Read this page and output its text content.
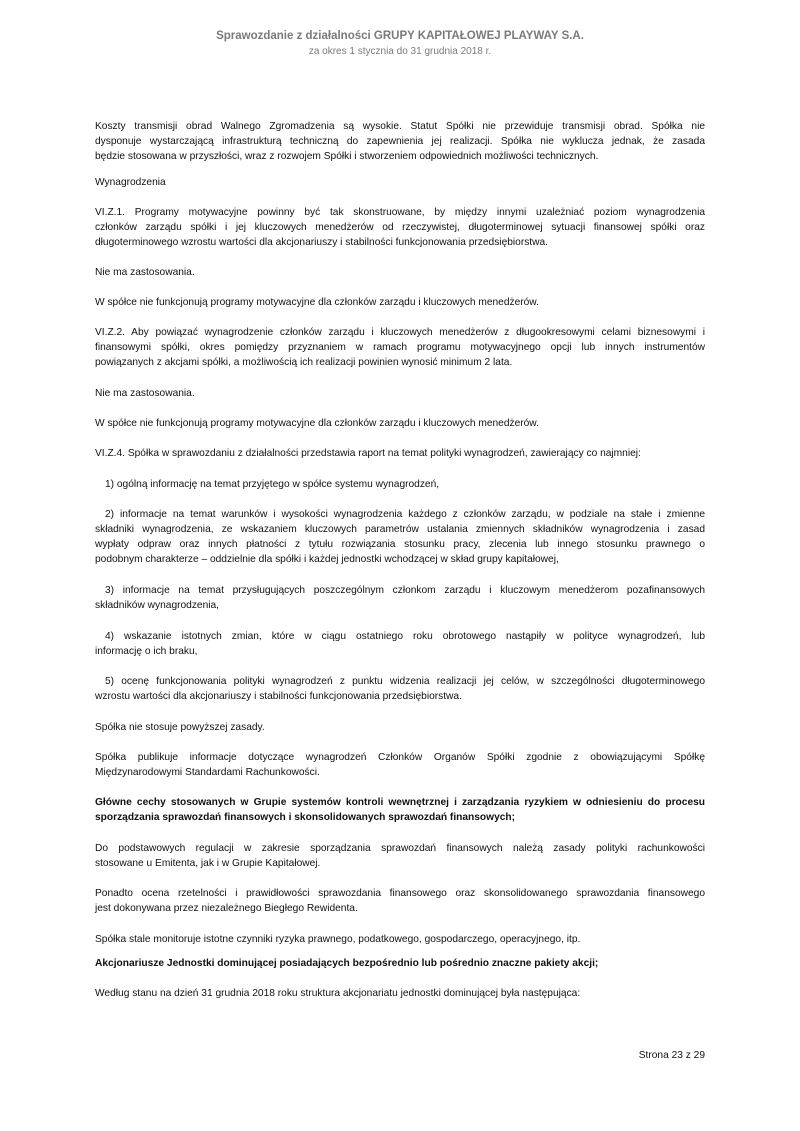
Sprawozdanie z działalności GRUPY KAPITAŁOWEJ PLAYWAY S.A.
za okres 1 stycznia do 31 grudnia 2018 r.
Koszty transmisji obrad Walnego Zgromadzenia są wysokie. Statut Spółki nie przewiduje transmisji obrad. Spółka nie
dysponuje wystarczającą infrastrukturą techniczną do zapewnienia jej realizacji. Spółka nie wyklucza jednak, że zasada
będzie stosowana w przyszłości, wraz z rozwojem Spółki i stworzeniem odpowiednich możliwości technicznych.
Wynagrodzenia
VI.Z.1. Programy motywacyjne powinny być tak skonstruowane, by między innymi uzależniać poziom wynagrodzenia
członków zarządu spółki i jej kluczowych menedżerów od rzeczywistej, długoterminowej sytuacji finansowej spółki oraz
długoterminowego wzrostu wartości dla akcjonariuszy i stabilności funkcjonowania przedsiębiorstwa.
Nie ma zastosowania.
W spółce nie funkcjonują programy motywacyjne dla członków zarządu i kluczowych menedżerów.
VI.Z.2. Aby powiązać wynagrodzenie członków zarządu i kluczowych menedżerów z długookresowymi celami biznesowymi i
finansowymi spółki, okres pomiędzy przyznaniem w ramach programu motywacyjnego opcji lub innych instrumentów
powiązanych z akcjami spółki, a możliwością ich realizacji powinien wynosić minimum 2 lata.
Nie ma zastosowania.
W spółce nie funkcjonują programy motywacyjne dla członków zarządu i kluczowych menedżerów.
VI.Z.4. Spółka w sprawozdaniu z działalności przedstawia raport na temat polityki wynagrodzeń, zawierający co najmniej:
1) ogólną informację na temat przyjętego w spółce systemu wynagrodzeń,
2) informacje na temat warunków i wysokości wynagrodzenia każdego z członków zarządu, w podziale na stałe i zmienne
składniki wynagrodzenia, ze wskazaniem kluczowych parametrów ustalania zmiennych składników wynagrodzenia i zasad
wypłaty odpraw oraz innych płatności z tytułu rozwiązania stosunku pracy, zlecenia lub innego stosunku prawnego o
podobnym charakterze – oddzielnie dla spółki i każdej jednostki wchodzącej w skład grupy kapitałowej,
3) informacje na temat przysługujących poszczególnym członkom zarządu i kluczowym menedżerom pozafinansowych
składników wynagrodzenia,
4) wskazanie istotnych zmian, które w ciągu ostatniego roku obrotowego nastąpiły w polityce wynagrodzeń, lub
informację o ich braku,
5) ocenę funkcjonowania polityki wynagrodzeń z punktu widzenia realizacji jej celów, w szczególności długoterminowego
wzrostu wartości dla akcjonariuszy i stabilności funkcjonowania przedsiębiorstwa.
Spółka nie stosuje powyższej zasady.
Spółka publikuje informacje dotyczące wynagrodzeń Członków Organów Spółki zgodnie z obowiązującymi Spółkę
Międzynarodowymi Standardami Rachunkowości.
Główne cechy stosowanych w Grupie systemów kontroli wewnętrznej i zarządzania ryzykiem w odniesieniu do procesu
sporządzania sprawozdań finansowych i skonsolidowanych sprawozdań finansowych;
Do podstawowych regulacji w zakresie sporządzania sprawozdań finansowych należą zasady polityki rachunkowości
stosowane u Emitenta, jak i w Grupie Kapitałowej.
Ponadto ocena rzetelności i prawidłowości sprawozdania finansowego oraz skonsolidowanego sprawozdania finansowego
jest dokonywana przez niezależnego Biegłego Rewidenta.
Spółka stale monitoruje istotne czynniki ryzyka prawnego, podatkowego, gospodarczego, operacyjnego, itp.
Akcjonariusze Jednostki dominującej posiadających bezpośrednio lub pośrednio znaczne pakiety akcji;
Według stanu na dzień 31 grudnia 2018 roku struktura akcjonariatu jednostki dominującej była następująca:
Strona 23 z 29
